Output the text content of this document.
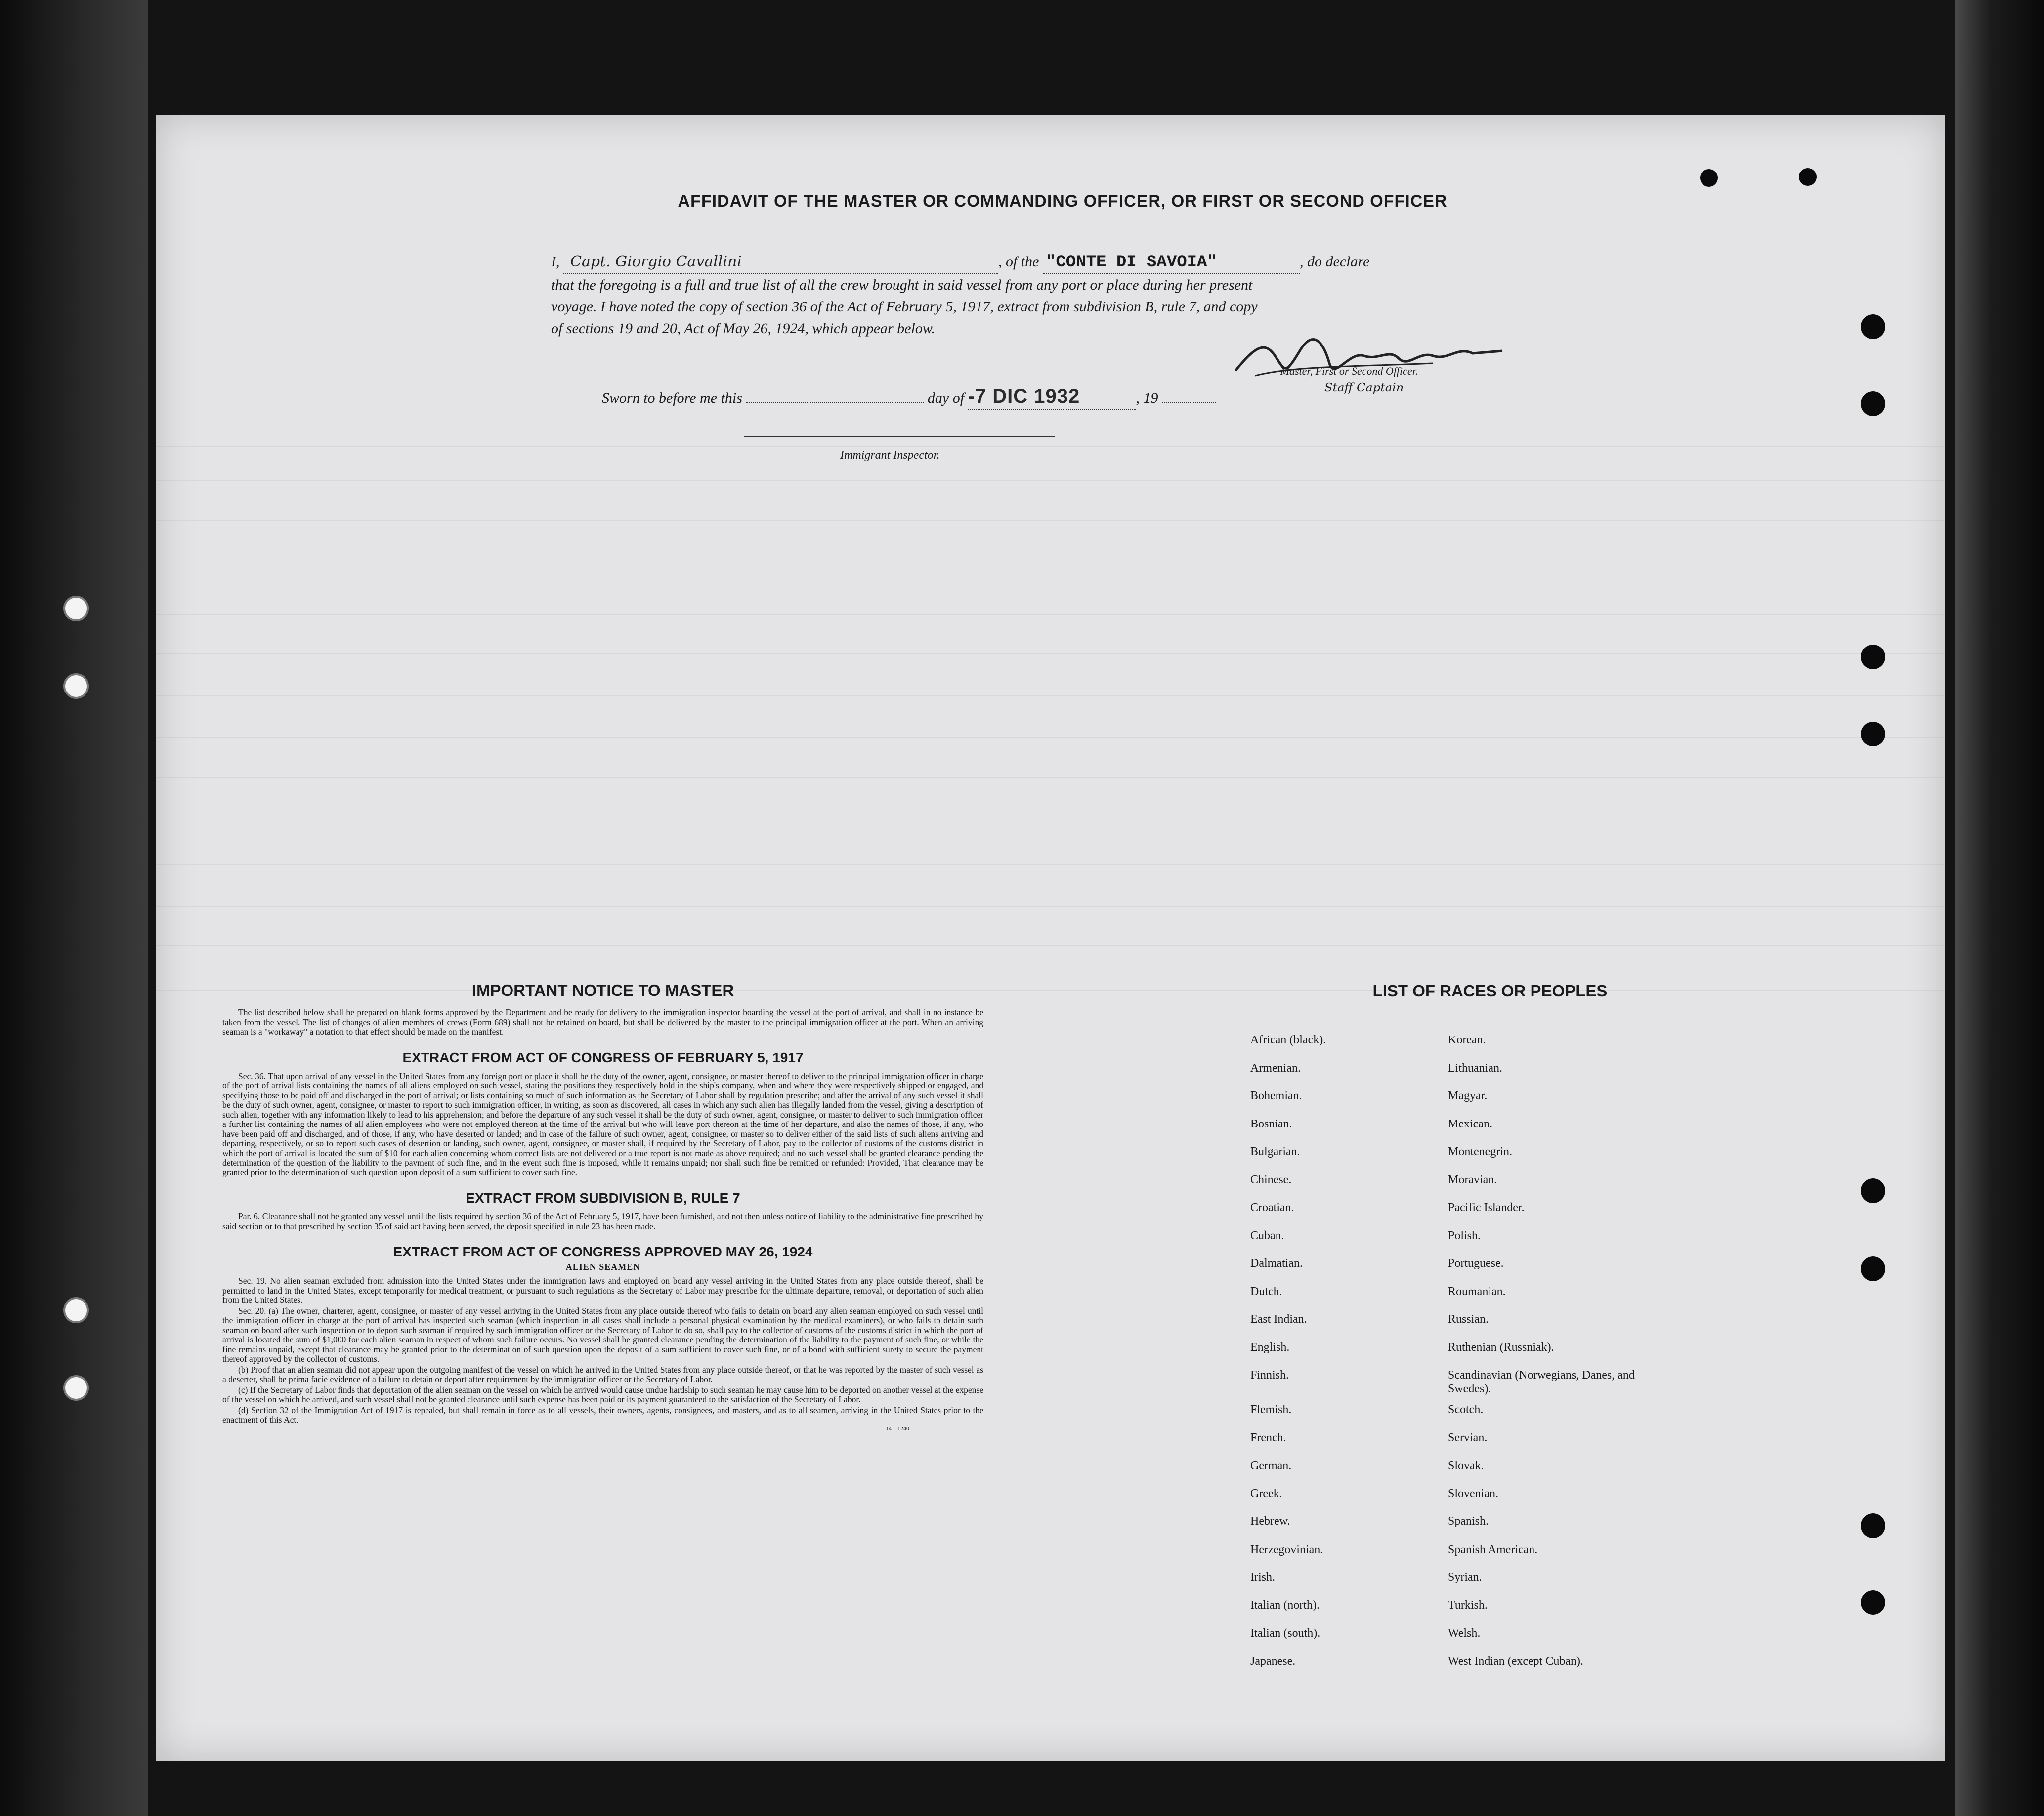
AFFIDAVIT OF THE MASTER OR COMMANDING OFFICER, OR FIRST OR SECOND OFFICER
I, Capt. Giorgio Cavallini	, of the "CONTE DI SAVOIA"	, do declare
that the foregoing is a full and true list of all the crew brought in said vessel from any port or place during her present
voyage. I have noted the copy of section 36 of the Act of February 5, 1917, extract from subdivision B, rule 7, and copy
of sections 19 and 20, Act of May 26, 1924, which appear below.
Master, First or Second Officer.
Staff Captain
Sworn to before me this	day of -7 DIC 1932	, 19
Immigrant Inspector.
IMPORTANT NOTICE TO MASTER

The list described below shall be prepared on blank forms approved by the Department and be ready for delivery to the immigration inspector boarding the vessel at the port of arrival, and shall in no instance be taken from the vessel. The list of changes of alien members of crews (Form 689) shall not be retained on board, but shall be delivered by the master to the principal immigration officer at the port. When an arriving seaman is a "workaway" a notation to that effect should be made on the manifest.

EXTRACT FROM ACT OF CONGRESS OF FEBRUARY 5, 1917

Sec. 36. That upon arrival of any vessel in the United States from any foreign port or place it shall be the duty of the owner, agent, consignee, or master thereof to deliver to the principal immigration officer in charge of the port of arrival lists containing the names of all aliens employed on such vessel, stating the positions they respectively hold in the ship's company, when and where they were respectively shipped or engaged, and specifying those to be paid off and discharged in the port of arrival; or lists containing so much of such information as the Secretary of Labor shall by regulation prescribe; and after the arrival of any such vessel it shall be the duty of such owner, agent, consignee, or master to report to such immigration officer, in writing, as soon as discovered, all cases in which any such alien has illegally landed from the vessel, giving a description of such alien, together with any information likely to lead to his apprehension; and before the departure of any such vessel it shall be the duty of such owner, agent, consignee, or master to deliver to such immigration officer a further list containing the names of all alien employees who were not employed thereon at the time of the arrival but who will leave port thereon at the time of her departure, and also the names of those, if any, who have been paid off and discharged, and of those, if any, who have deserted or landed; and in case of the failure of such owner, agent, consignee, or master so to deliver either of the said lists of such aliens arriving and departing, respectively, or so to report such cases of desertion or landing, such owner, agent, consignee, or master shall, if required by the Secretary of Labor, pay to the collector of customs of the customs district in which the port of arrival is located the sum of $10 for each alien concerning whom correct lists are not delivered or a true report is not made as above required; and no such vessel shall be granted clearance pending the determination of the question of the liability to the payment of such fine, and in the event such fine is imposed, while it remains unpaid; nor shall such fine be remitted or refunded: Provided, That clearance may be granted prior to the determination of such question upon deposit of a sum sufficient to cover such fine.

EXTRACT FROM SUBDIVISION B, RULE 7

Par. 6. Clearance shall not be granted any vessel until the lists required by section 36 of the Act of February 5, 1917, have been furnished, and not then unless notice of liability to the administrative fine prescribed by said section or to that prescribed by section 35 of said act having been served, the deposit specified in rule 23 has been made.

EXTRACT FROM ACT OF CONGRESS APPROVED MAY 26, 1924
ALIEN SEAMEN

Sec. 19. No alien seaman excluded from admission into the United States under the immigration laws and employed on board any vessel arriving in the United States from any place outside thereof, shall be permitted to land in the United States, except temporarily for medical treatment, or pursuant to such regulations as the Secretary of Labor may prescribe for the ultimate departure, removal, or deportation of such alien from the United States.

Sec. 20. (a) The owner, charterer, agent, consignee, or master of any vessel arriving in the United States from any place outside thereof who fails to detain on board any alien seaman employed on such vessel until the immigration officer in charge at the port of arrival has inspected such seaman (which inspection in all cases shall include a personal physical examination by the medical examiners), or who fails to detain such seaman on board after such inspection or to deport such seaman if required by such immigration officer or the Secretary of Labor to do so, shall pay to the collector of customs of the customs district in which the port of arrival is located the sum of $1,000 for each alien seaman in respect of whom such failure occurs. No vessel shall be granted clearance pending the determination of the liability to the payment of such fine, or while the fine remains unpaid, except that clearance may be granted prior to the determination of such question upon the deposit of a sum sufficient to cover such fine, or of a bond with sufficient surety to secure the payment thereof approved by the collector of customs.

(b) Proof that an alien seaman did not appear upon the outgoing manifest of the vessel on which he arrived in the United States from any place outside thereof, or that he was reported by the master of such vessel as a deserter, shall be prima facie evidence of a failure to detain or deport after requirement by the immigration officer or the Secretary of Labor.

(c) If the Secretary of Labor finds that deportation of the alien seaman on the vessel on which he arrived would cause undue hardship to such seaman he may cause him to be deported on another vessel at the expense of the vessel on which he arrived, and such vessel shall not be granted clearance until such expense has been paid or its payment guaranteed to the satisfaction of the Secretary of Labor.

(d) Section 32 of the Immigration Act of 1917 is repealed, but shall remain in force as to all vessels, their owners, agents, consignees, and masters, and as to all seamen, arriving in the United States prior to the enactment of this Act.

14—1240
LIST OF RACES OR PEOPLES
African (black).	Korean.
Armenian.	Lithuanian.
Bohemian.	Magyar.
Bosnian.	Mexican.
Bulgarian.	Montenegrin.
Chinese.	Moravian.
Croatian.	Pacific Islander.
Cuban.	Polish.
Dalmatian.	Portuguese.
Dutch.	Roumanian.
East Indian.	Russian.
English.	Ruthenian (Russniak).
Finnish.	Scandinavian (Norwegians, Danes, and Swedes).
Flemish.	Scotch.
French.	Servian.
German.	Slovak.
Greek.	Slovenian.
Hebrew.	Spanish.
Herzegovinian.	Spanish American.
Irish.	Syrian.
Italian (north).	Turkish.
Italian (south).	Welsh.
Japanese.	West Indian (except Cuban).
